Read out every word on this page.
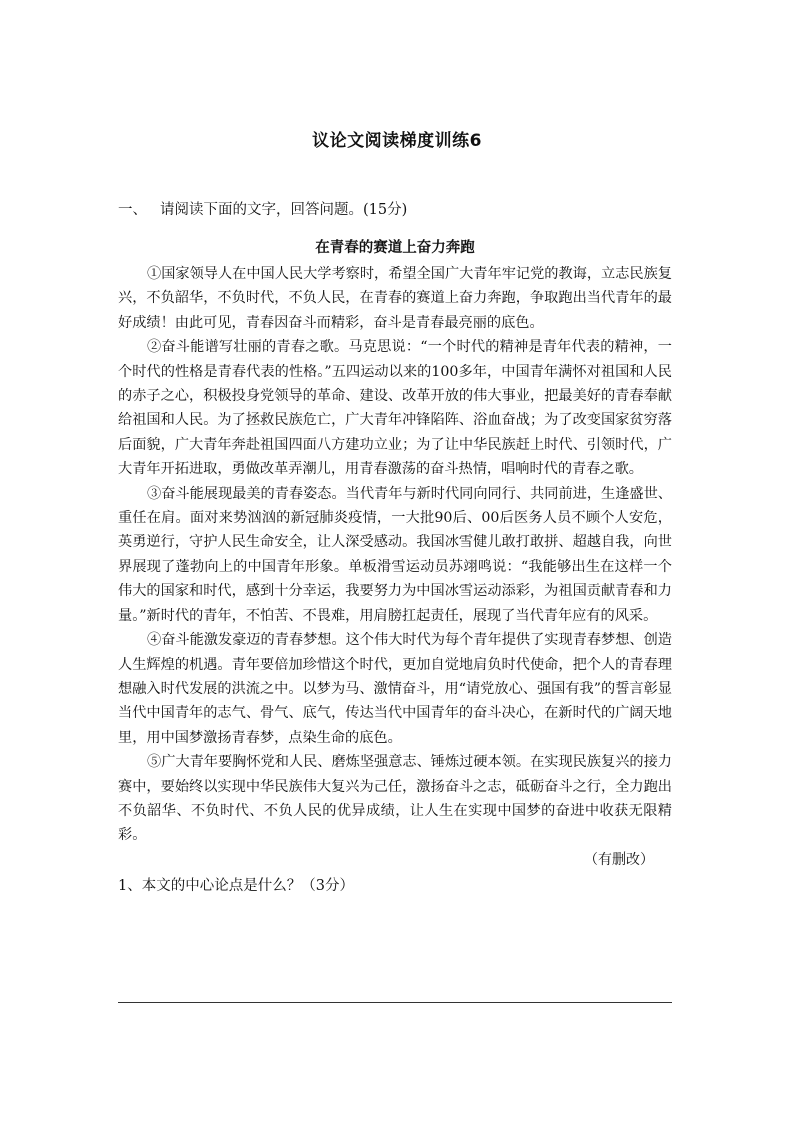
议论文阅读梯度训练6
一、 请阅读下面的文字，回答问题。(15分)
在青春的赛道上奋力奔跑

①国家领导人在中国人民大学考察时，希望全国广大青年牢记党的教诲，立志民族复兴，不负韶华，不负时代，不负人民，在青春的赛道上奋力奔跑，争取跑出当代青年的最好成绩！由此可见，青春因奋斗而精彩，奋斗是青春最亮丽的底色。

②奋斗能谱写壮丽的青春之歌。马克思说：“一个时代的精神是青年代表的精神，一个时代的性格是青春代表的性格。”五四运动以来的100多年，中国青年满怀对祖国和人民的赤子之心，积极投身党领导的革命、建设、改革开放的伟大事业，把最美好的青春奉献给祖国和人民。为了拯救民族危亡，广大青年冲锋陷阵、浴血奋战；为了改变国家贫穷落后面貌，广大青年奔赴祖国四面八方建功立业；为了让中华民族赶上时代、引领时代，广大青年开拓进取，勇做改革弄潮儿，用青春激荡的奋斗热情，唱响时代的青春之歌。

③奋斗能展现最美的青春姿态。当代青年与新时代同向同行、共同前进，生逢盛世、重任在肩。面对来势汹汹的新冠肺炎疫情，一大批90后、00后医务人员不顾个人安危，英勇逆行，守护人民生命安全，让人深受感动。我国冰雪健儿敢打敢拼、超越自我，向世界展现了蓬勃向上的中国青年形象。单板滑雪运动员苏翊鸣说：“我能够出生在这样一个伟大的国家和时代，感到十分幸运，我要努力为中国冰雪运动添彩，为祖国贡献青春和力量。”新时代的青年，不怕苦、不畏难，用肩膀扛起责任，展现了当代青年应有的风采。

④奋斗能激发豪迈的青春梦想。这个伟大时代为每个青年提供了实现青春梦想、创造人生辉煌的机遇。青年要倍加珍惜这个时代，更加自觉地肩负时代使命，把个人的青春理想融入时代发展的洪流之中。以梦为马、激情奋斗，用“请党放心、强国有我”的誓言彰显当代中国青年的志气、骨气、底气，传达当代中国青年的奋斗决心，在新时代的广阔天地里，用中国梦激扬青春梦，点染生命的底色。

⑤广大青年要胸怀党和人民、磨炼坚强意志、锤炼过硬本领。在实现民族复兴的接力赛中，要始终以实现中华民族伟大复兴为己任，激扬奋斗之志，砥砺奋斗之行，全力跑出不负韶华、不负时代、不负人民的优异成绩，让人生在实现中国梦的奋进中收获无限精彩。

（有删改）

1、本文的中心论点是什么？（3分）
